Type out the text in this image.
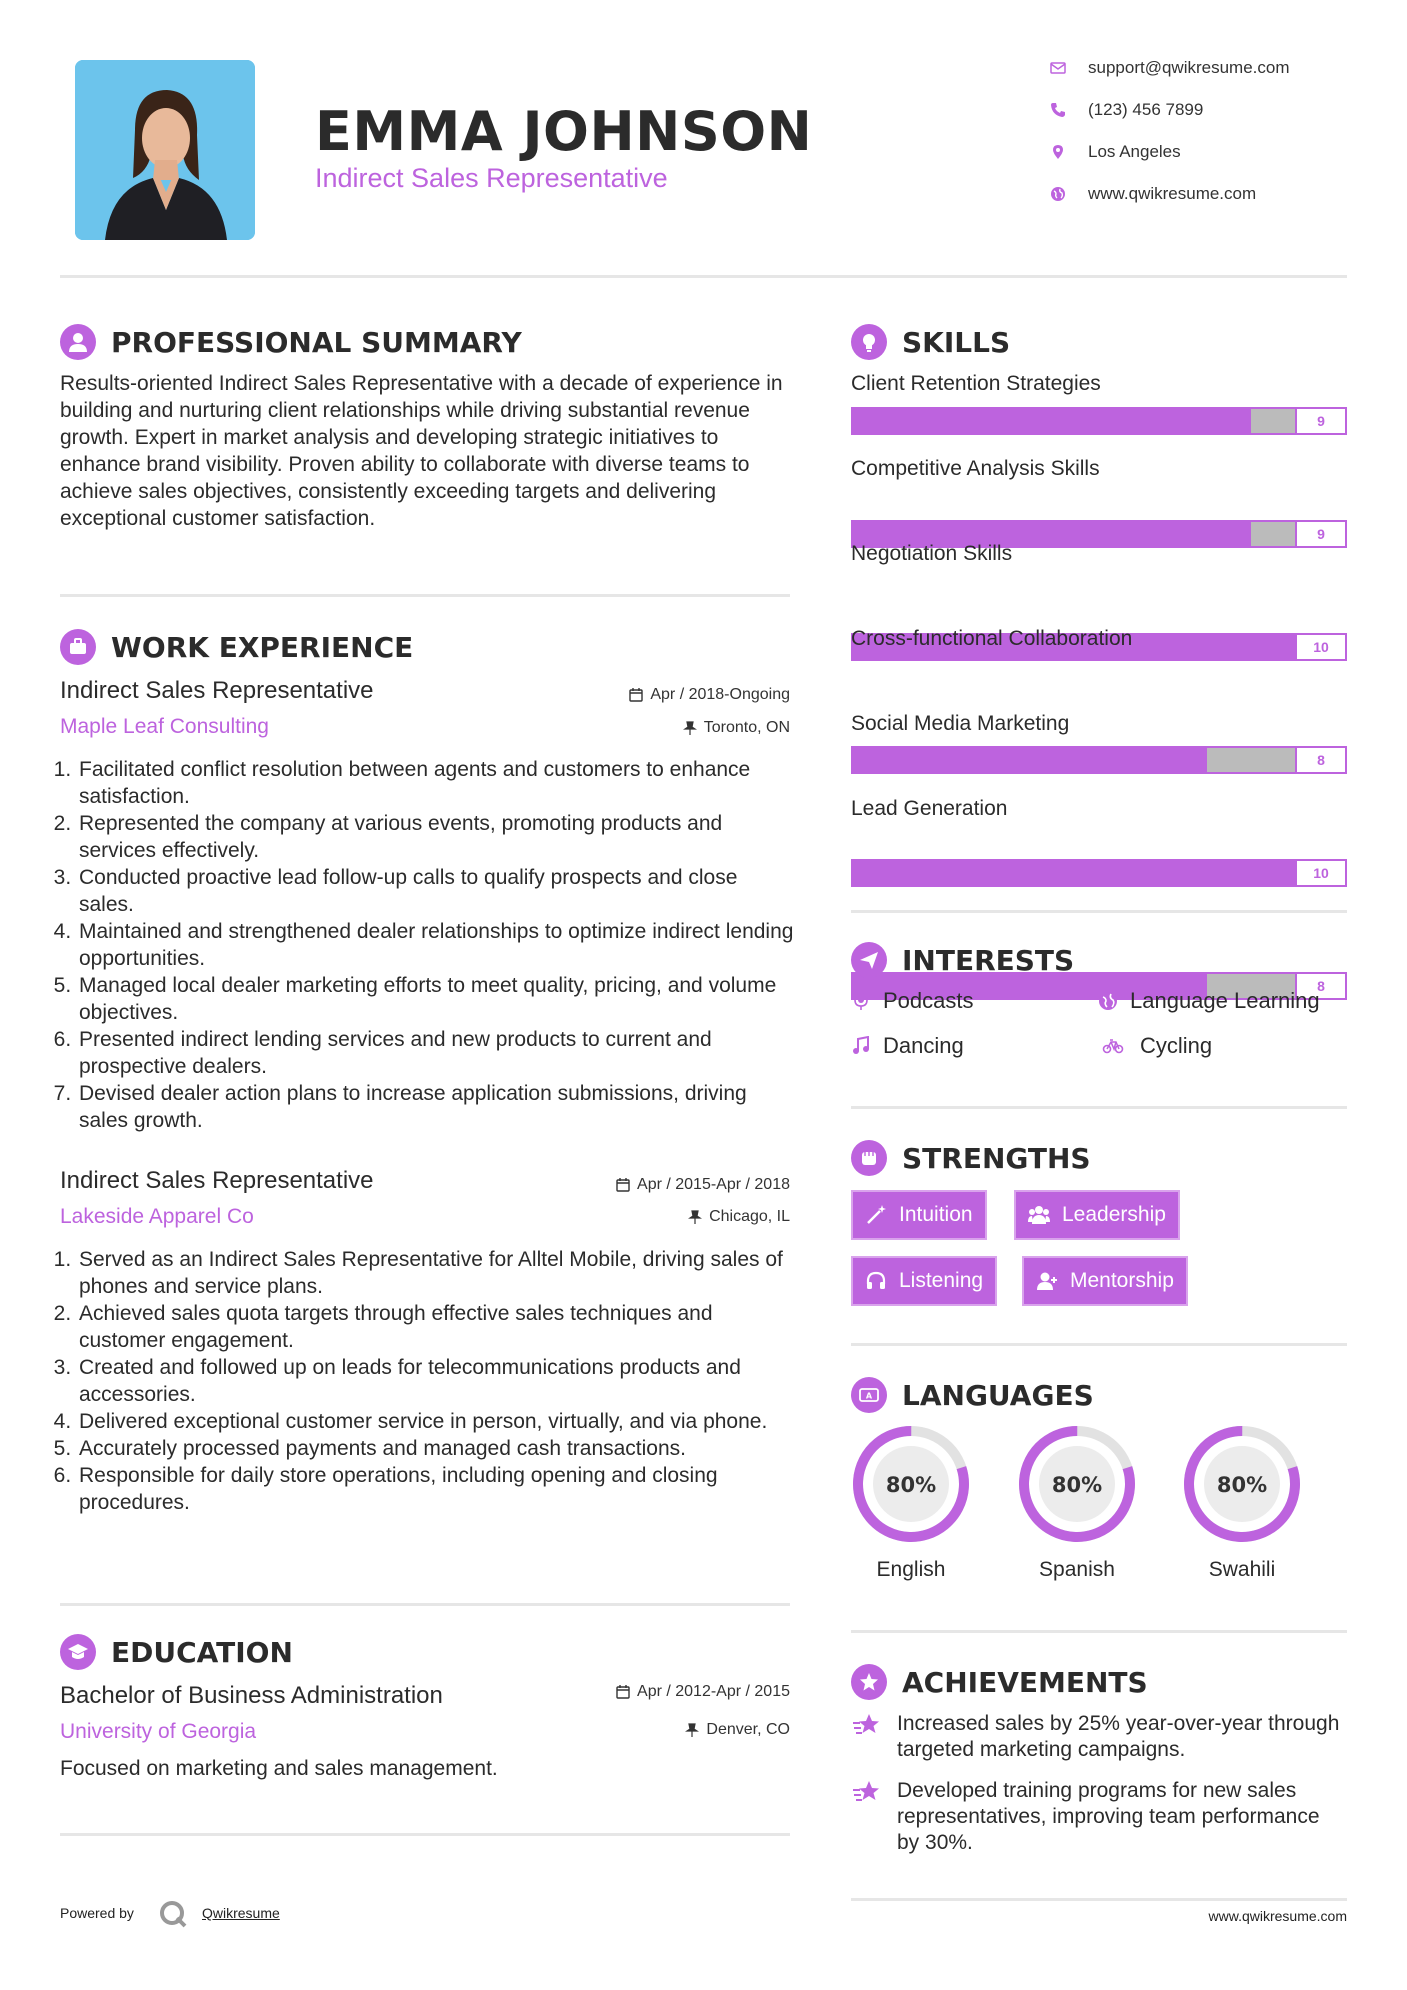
EMMA JOHNSON
Indirect Sales Representative
support@qwikresume.com
(123) 456 7899
Los Angeles
www.qwikresume.com
PROFESSIONAL SUMMARY
Results-oriented Indirect Sales Representative with a decade of experience in building and nurturing client relationships while driving substantial revenue growth. Expert in market analysis and developing strategic initiatives to enhance brand visibility. Proven ability to collaborate with diverse teams to achieve sales objectives, consistently exceeding targets and delivering exceptional customer satisfaction.
WORK EXPERIENCE
Indirect Sales Representative	Apr / 2018-Ongoing
Maple Leaf Consulting	Toronto, ON
1. Facilitated conflict resolution between agents and customers to enhance satisfaction.
2. Represented the company at various events, promoting products and services effectively.
3. Conducted proactive lead follow-up calls to qualify prospects and close sales.
4. Maintained and strengthened dealer relationships to optimize indirect lending opportunities.
5. Managed local dealer marketing efforts to meet quality, pricing, and volume objectives.
6. Presented indirect lending services and new products to current and prospective dealers.
7. Devised dealer action plans to increase application submissions, driving sales growth.
Indirect Sales Representative	Apr / 2015-Apr / 2018
Lakeside Apparel Co	Chicago, IL
1. Served as an Indirect Sales Representative for Alltel Mobile, driving sales of phones and service plans.
2. Achieved sales quota targets through effective sales techniques and customer engagement.
3. Created and followed up on leads for telecommunications products and accessories.
4. Delivered exceptional customer service in person, virtually, and via phone.
5. Accurately processed payments and managed cash transactions.
6. Responsible for daily store operations, including opening and closing procedures.
EDUCATION
Bachelor of Business Administration	Apr / 2012-Apr / 2015
University of Georgia	Denver, CO
Focused on marketing and sales management.
SKILLS
Client Retention Strategies
9
Competitive Analysis Skills
9
Negotiation Skills
10
Cross-functional Collaboration
8
Social Media Marketing
10
Lead Generation
8
INTERESTS
Podcasts	Language Learning
Dancing	Cycling
STRENGTHS
Intuition	Leadership
Listening	Mentorship
A LANGUAGES
80%
English
80%
Spanish
80%
Swahili
ACHIEVEMENTS
Increased sales by 25% year-over-year through targeted marketing campaigns.
Developed training programs for new sales representatives, improving team performance by 30%.
Powered by	Qwikresume	www.qwikresume.com
